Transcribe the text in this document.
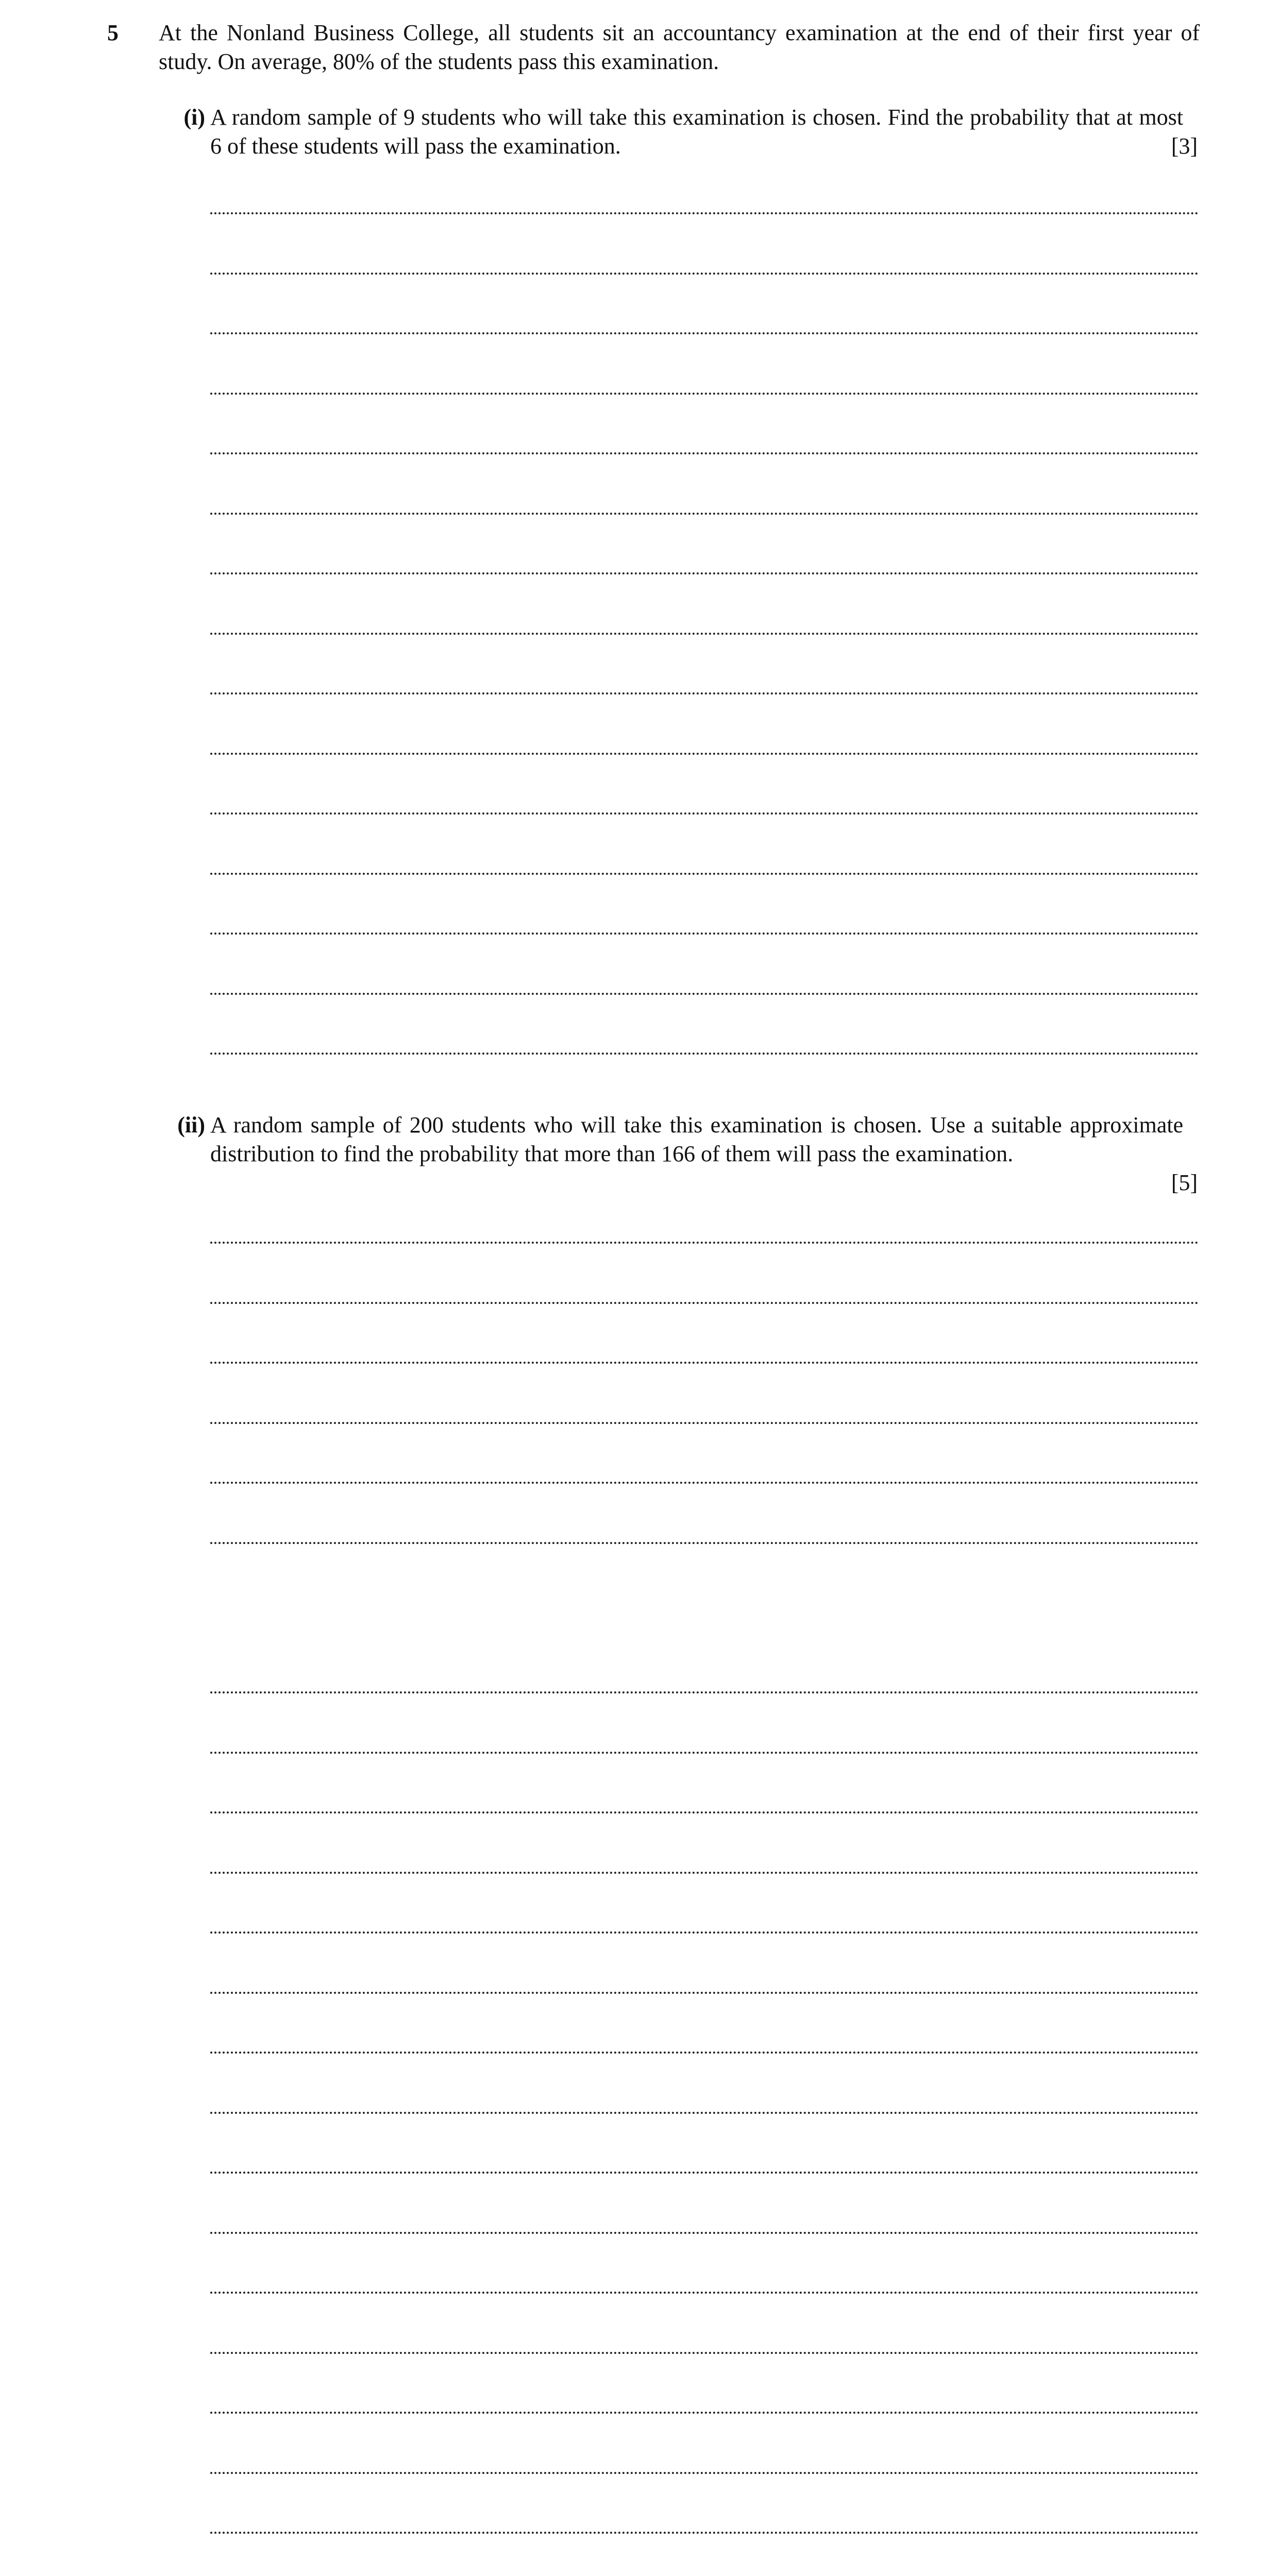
5 At the Nonland Business College, all students sit an accountancy examination at the end of their first year of study. On average, 80% of the students pass this examination.
(i) A random sample of 9 students who will take this examination is chosen. Find the probability that at most 6 of these students will pass the examination.	[3]
(ii) A random sample of 200 students who will take this examination is chosen. Use a suitable approximate distribution to find the probability that more than 166 of them will pass the examination.
[5]
